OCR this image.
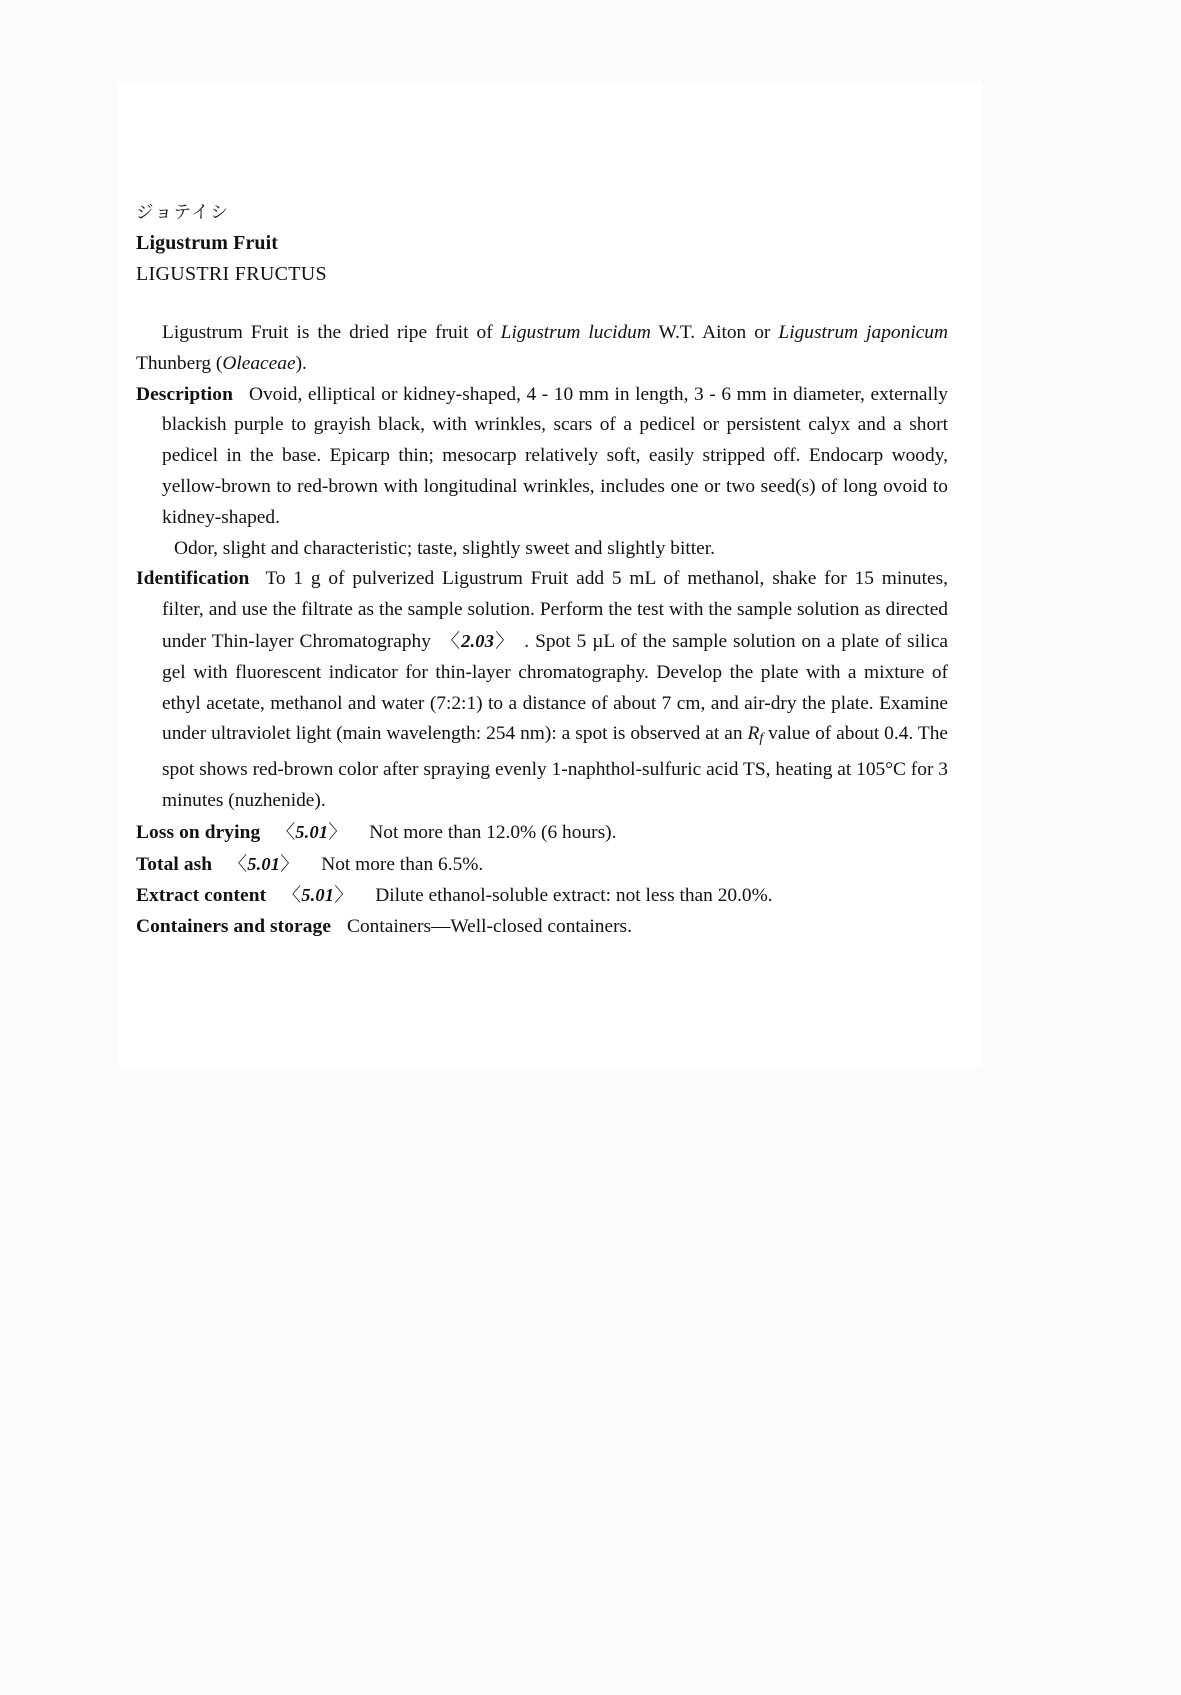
ジョテイシ
Ligustrum Fruit
LIGUSTRI FRUCTUS

Ligustrum Fruit is the dried ripe fruit of Ligustrum lucidum W.T. Aiton or Ligustrum japonicum Thunberg (Oleaceae).

Description Ovoid, elliptical or kidney-shaped, 4 ‐ 10 mm in length, 3 ‐ 6 mm in diameter, externally blackish purple to grayish black, with wrinkles, scars of a pedicel or persistent calyx and a short pedicel in the base. Epicarp thin; mesocarp relatively soft, easily stripped off. Endocarp woody, yellow-brown to red-brown with longitudinal wrinkles, includes one or two seed(s) of long ovoid to kidney-shaped.

Odor, slight and characteristic; taste, slightly sweet and slightly bitter.

Identification To 1 g of pulverized Ligustrum Fruit add 5 mL of methanol, shake for 15 minutes, filter, and use the filtrate as the sample solution. Perform the test with the sample solution as directed under Thin-layer Chromatography 〈2.03〉 . Spot 5 µL of the sample solution on a plate of silica gel with fluorescent indicator for thin-layer chromatography. Develop the plate with a mixture of ethyl acetate, methanol and water (7:2:1) to a distance of about 7 cm, and air-dry the plate. Examine under ultraviolet light (main wavelength: 254 nm): a spot is observed at an $R_f$ value of about 0.4. The spot shows red-brown color after spraying evenly 1-naphthol-sulfuric acid TS, heating at 105°C for 3 minutes (nuzhenide).

Loss on drying 〈5.01〉 Not more than 12.0% (6 hours).

Total ash 〈5.01〉 Not more than 6.5%.

Extract content 〈5.01〉 Dilute ethanol-soluble extract: not less than 20.0%.

Containers and storage Containers—Well-closed containers.
